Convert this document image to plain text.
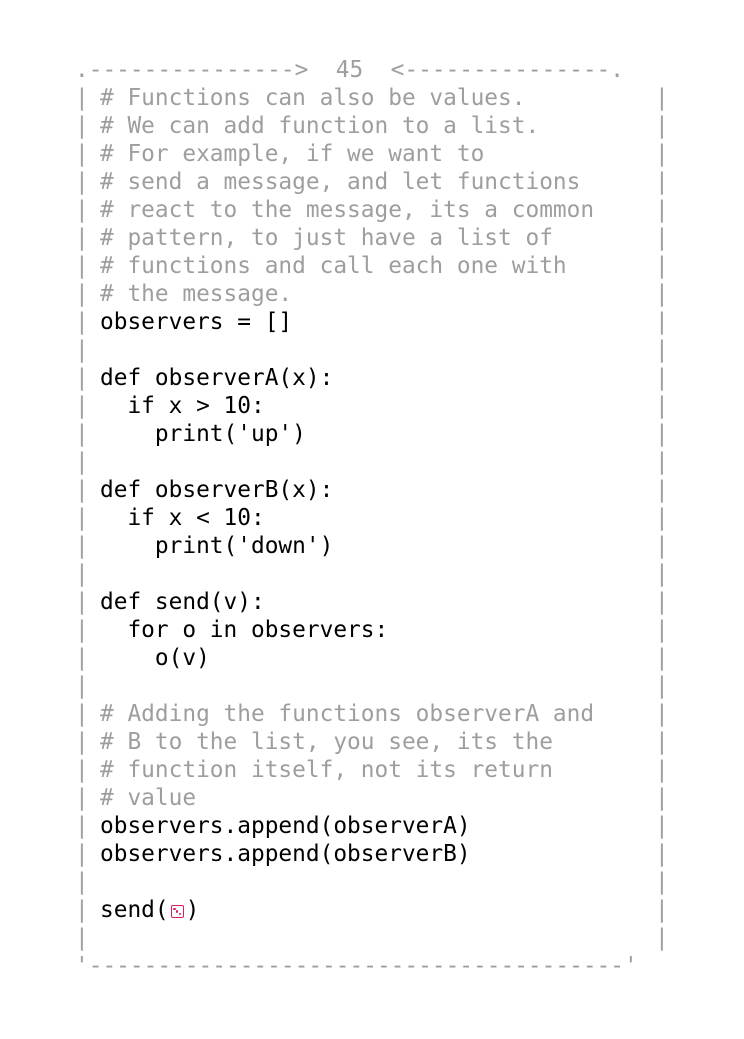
.--------------->  45  <---------------.
| # Functions can also be values.	|
| # We can add function to a list.	|
| # For example, if we want to	|
| # send a message, and let functions	|
| # react to the message, its a common	|
| # pattern, to just have a list of	|
| # functions and call each one with	|
| # the message.	|
| observers = []	|
|	|
| def observerA(x):	|
| if x > 10:	|
| print('up')	|
|	|
| def observerB(x):	|
| if x < 10:	|
| print('down')	|
|	|
| def send(v):	|
| for o in observers:	|
| o(v)	|
|	|
| # Adding the functions observerA and	|
| # B to the list, you see, its the	|
| # function itself, not its return	|
| # value	|
| observers.append(observerA)	|
| observers.append(observerB)	|
|	|
| send( )	|
|	|
'---------------------------------------'
